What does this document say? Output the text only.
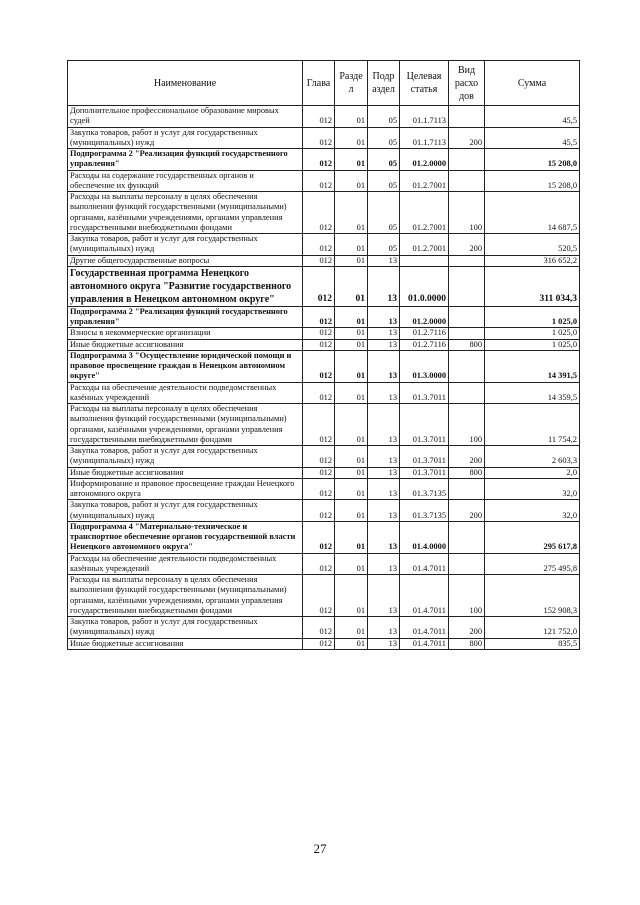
Наименование	Глава	Разде л	Подр аздел	Целевая статья	Вид расхо дов	Сумма
Дополнительное профессиональное образование мировых судей	012	01	05	01.1.7113		45,5
Закупка товаров, работ и услуг для государственных (муниципальных) нужд	012	01	05	01.1.7113	200	45,5
Подпрограмма 2 "Реализация функций государственного управления"	012	01	05	01.2.0000		15 208,0
Расходы на содержание государственных органов и обеспечение их функций	012	01	05	01.2.7001		15 208,0
Расходы на выплаты персоналу в целях обеспечения выполнения функций государственными (муниципальными) органами, казёнными учреждениями, органами управления государственными внебюджетными фондами	012	01	05	01.2.7001	100	14 687,5
Закупка товаров, работ и услуг для государственных (муниципальных) нужд	012	01	05	01.2.7001	200	520,5
Другие общегосударственные вопросы	012	01	13			316 652,2
Государственная программа Ненецкого автономного округа "Развитие государственного управления в Ненецком автономном округе"	012	01	13	01.0.0000		311 034,3
Подпрограмма 2 "Реализация функций государственного управления"	012	01	13	01.2.0000		1 025,0
Взносы в некоммерческие организации	012	01	13	01.2.7116		1 025,0
Иные бюджетные ассигнования	012	01	13	01.2.7116	800	1 025,0
Подпрограмма 3 "Осуществление юридической помощи и правовое просвещение граждан в Ненецком автономном округе"	012	01	13	01.3.0000		14 391,5
Расходы на обеспечение деятельности подведомственных казённых учреждений	012	01	13	01.3.7011		14 359,5
Расходы на выплаты персоналу в целях обеспечения выполнения функций государственными (муниципальными) органами, казёнными учреждениями, органами управления государственными внебюджетными фондами	012	01	13	01.3.7011	100	11 754,2
Закупка товаров, работ и услуг для государственных (муниципальных) нужд	012	01	13	01.3.7011	200	2 603,3
Иные бюджетные ассигнования	012	01	13	01.3.7011	800	2,0
Информирование и правовое просвещение граждан Ненецкого автономного округа	012	01	13	01.3.7135		32,0
Закупка товаров, работ и услуг для государственных (муниципальных) нужд	012	01	13	01.3.7135	200	32,0
Подпрограмма 4 "Материально-техническое и транспортное обеспечение органов государственной власти Ненецкого автономного округа"	012	01	13	01.4.0000		295 617,8
Расходы на обеспечение деятельности подведомственных казённых учреждений	012	01	13	01.4.7011		275 495,8
Расходы на выплаты персоналу в целях обеспечения выполнения функций государственными (муниципальными) органами, казёнными учреждениями, органами управления государственными внебюджетными фондами	012	01	13	01.4.7011	100	152 908,3
Закупка товаров, работ и услуг для государственных (муниципальных) нужд	012	01	13	01.4.7011	200	121 752,0
Иные бюджетные ассигнования	012	01	13	01.4.7011	800	835,5
27
